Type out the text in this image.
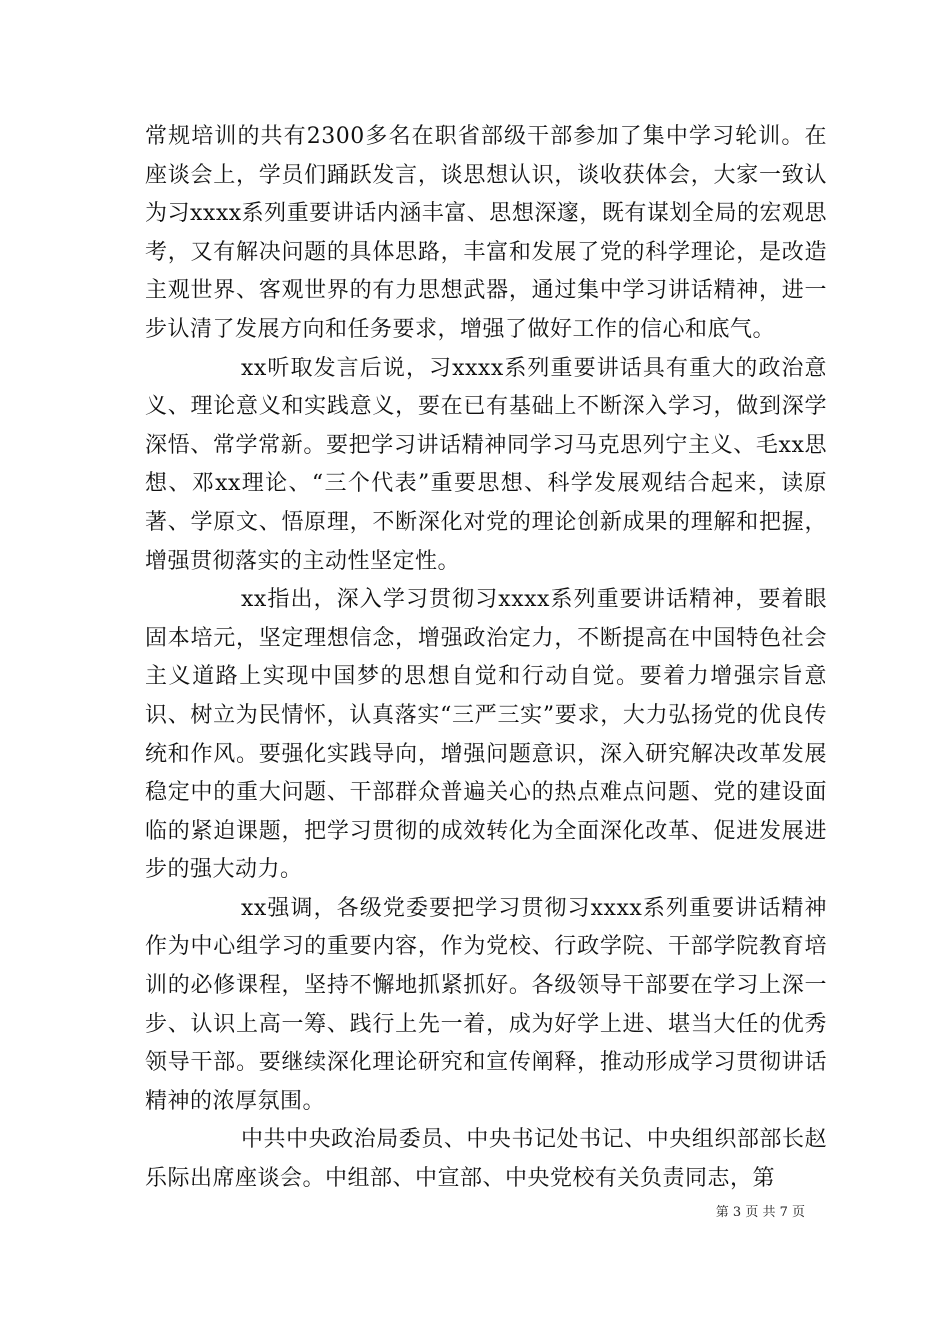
常规培训的共有2300多名在职省部级干部参加了集中学习轮训。在座谈会上，学员们踊跃发言，谈思想认识，谈收获体会，大家一致认为习xxxx系列重要讲话内涵丰富、思想深邃，既有谋划全局的宏观思考，又有解决问题的具体思路，丰富和发展了党的科学理论，是改造主观世界、客观世界的有力思想武器，通过集中学习讲话精神，进一步认清了发展方向和任务要求，增强了做好工作的信心和底气。

xx听取发言后说，习xxxx系列重要讲话具有重大的政治意义、理论意义和实践意义，要在已有基础上不断深入学习，做到深学深悟、常学常新。要把学习讲话精神同学习马克思列宁主义、毛xx思想、邓xx理论、“三个代表”重要思想、科学发展观结合起来，读原著、学原文、悟原理，不断深化对党的理论创新成果的理解和把握，增强贯彻落实的主动性坚定性。

xx指出，深入学习贯彻习xxxx系列重要讲话精神，要着眼固本培元，坚定理想信念，增强政治定力，不断提高在中国特色社会主义道路上实现中国梦的思想自觉和行动自觉。要着力增强宗旨意识、树立为民情怀，认真落实“三严三实”要求，大力弘扬党的优良传统和作风。要强化实践导向，增强问题意识，深入研究解决改革发展稳定中的重大问题、干部群众普遍关心的热点难点问题、党的建设面临的紧迫课题，把学习贯彻的成效转化为全面深化改革、促进发展进步的强大动力。

xx强调，各级党委要把学习贯彻习xxxx系列重要讲话精神作为中心组学习的重要内容，作为党校、行政学院、干部学院教育培训的必修课程，坚持不懈地抓紧抓好。各级领导干部要在学习上深一步、认识上高一筹、践行上先一着，成为好学上进、堪当大任的优秀领导干部。要继续深化理论研究和宣传阐释，推动形成学习贯彻讲话精神的浓厚氛围。

中共中央政治局委员、中央书记处书记、中央组织部部长赵乐际出席座谈会。中组部、中宣部、中央党校有关负责同志，第

第 3 页 共 7 页
